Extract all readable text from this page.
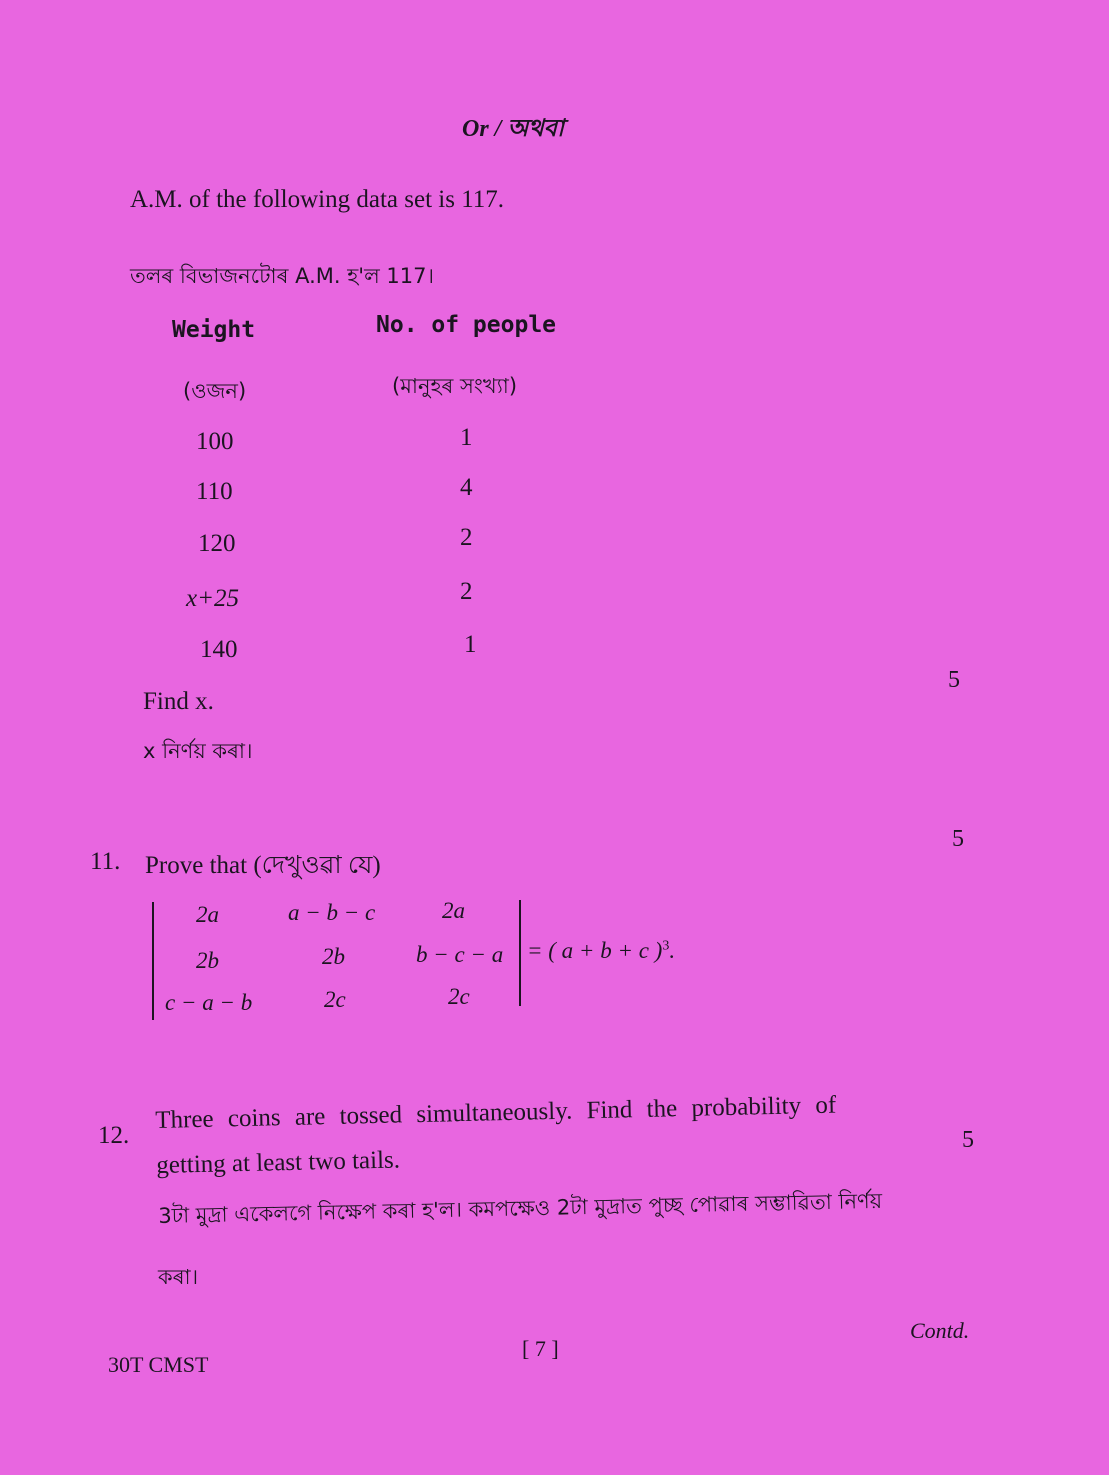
Or / অথবা
A.M. of the following data set is 117.
তলৰ বিভাজনটোৰ A.M. হ'ল 117।
Weight	No. of people
(ওজন)	(মানুহৰ সংখ্যা)
100	1
110	4
120	2
x+25	2
140	1
Find x.
x নিৰ্ণয় কৰা।
5
5
11. Prove that (দেখুওৱা যে)
2a	a − b − c	2a
2b	2b	b − c − a
c − a − b	2c	2c
= ( a + b + c )$^3$.
12.
Three coins are tossed simultaneously. Find the probability of
getting at least two tails.
5
3টা মুদ্ৰা একেলগে নিক্ষেপ কৰা হ'ল। কমপক্ষেও 2টা মুদ্ৰাত পুচ্ছ পোৱাৰ সম্ভাৱিতা নিৰ্ণয়
কৰা।
30T CMST
[ 7 ]
Contd.
